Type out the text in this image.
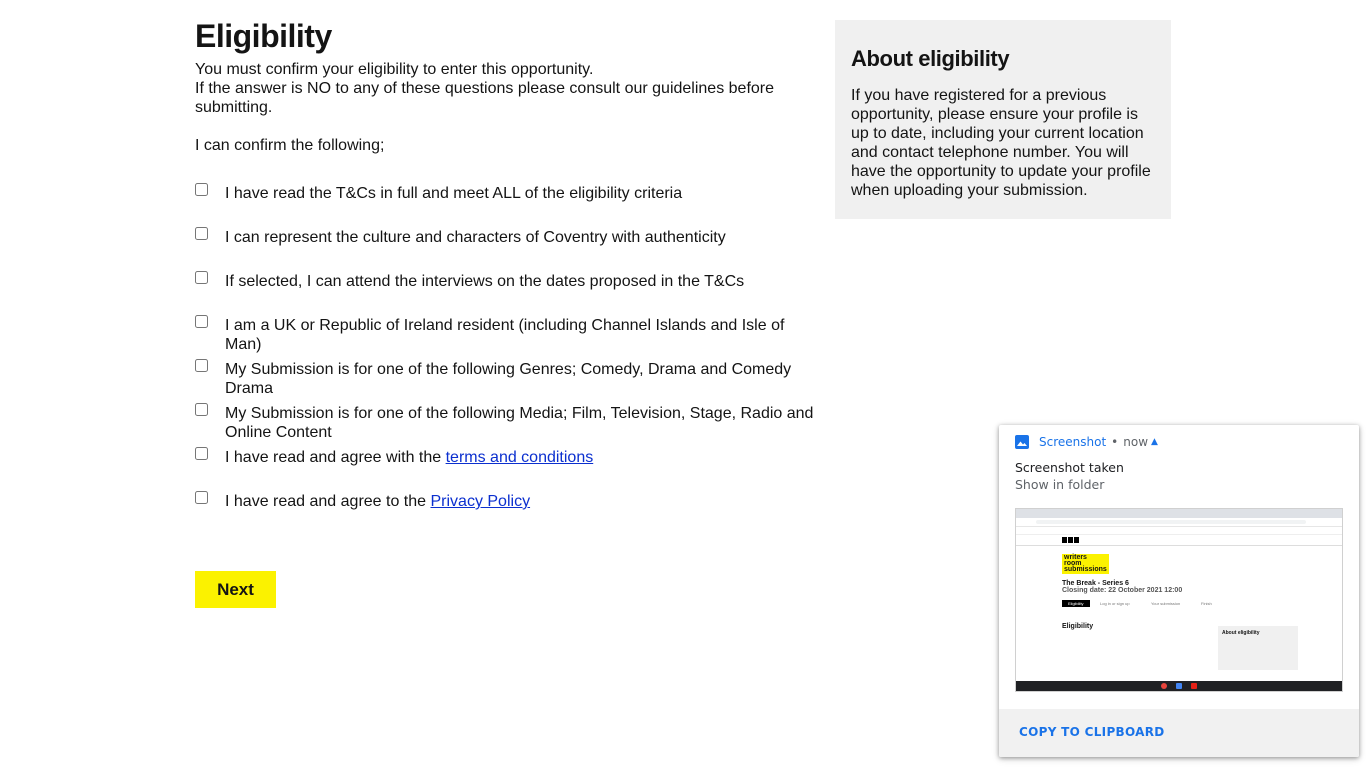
Eligibility

You must confirm your eligibility to enter this opportunity.

If the answer is NO to any of these questions please consult our guidelines before submitting.

I can confirm the following;

I have read the T&Cs in full and meet ALL of the eligibility criteria
I can represent the culture and characters of Coventry with authenticity
If selected, I can attend the interviews on the dates proposed in the T&Cs
I am a UK or Republic of Ireland resident (including Channel Islands and Isle of Man)
My Submission is for one of the following Genres; Comedy, Drama and Comedy Drama
My Submission is for one of the following Media; Film, Television, Stage, Radio and Online Content
I have read and agree with the terms and conditions
I have read and agree to the Privacy Policy
Next
About eligibility

If you have registered for a previous opportunity, please ensure your profile is up to date, including your current location and contact telephone number. You will have the opportunity to update your profile when uploading your submission.

Screenshot • now ▲
Screenshot taken
Show in folder
writers
room
submissions
The Break - Series 6
Closing date: 22 October 2021 12:00
Eligibility	Log in or sign up	Your submission	Finish
Eligibility
About eligibility
COPY TO CLIPBOARD
